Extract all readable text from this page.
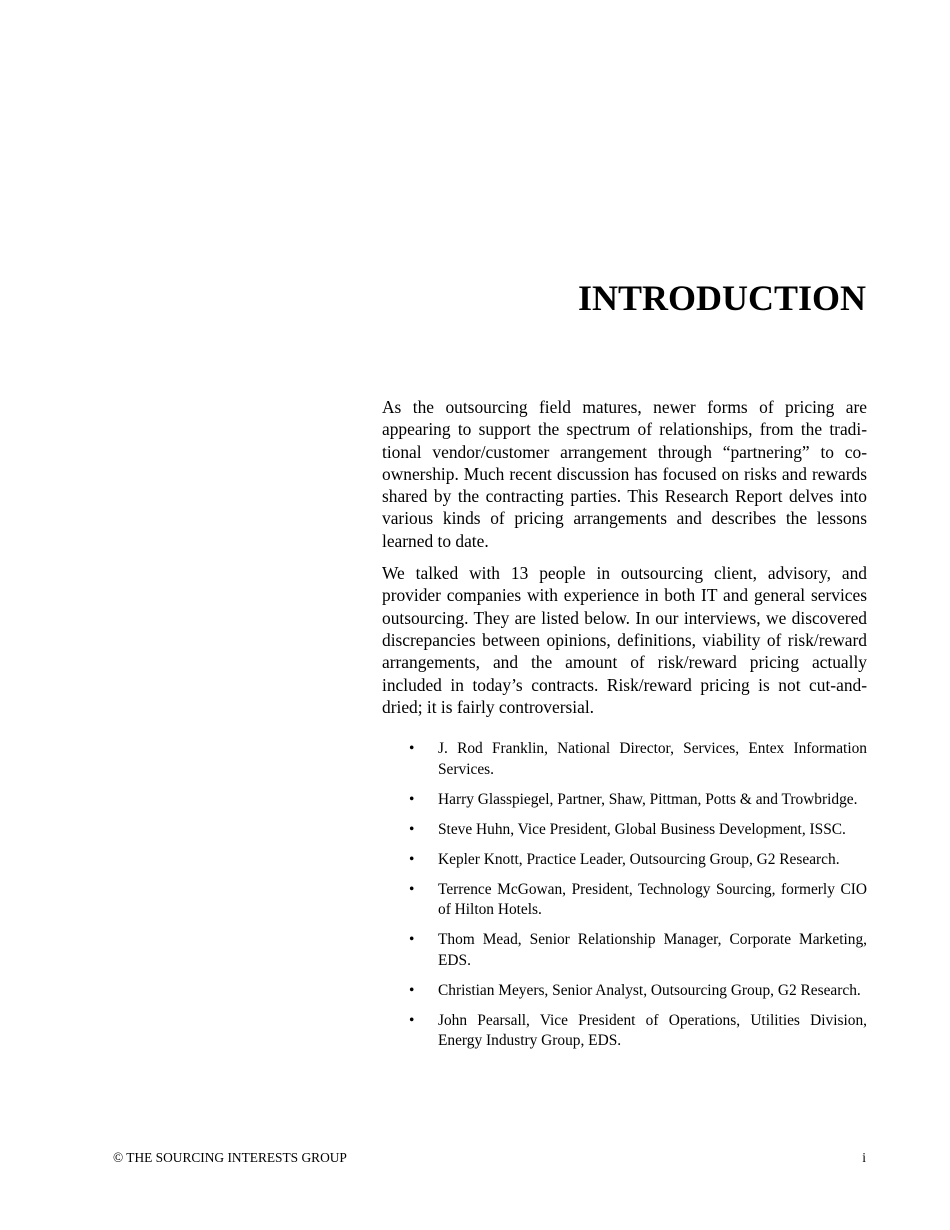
INTRODUCTION

As the outsourcing field matures, newer forms of pricing are appearing to support the spectrum of relationships, from the traditional vendor/customer arrangement through “partnering” to coownership. Much recent discussion has focused on risks and rewards shared by the contracting parties. This Research Report delves into various kinds of pricing arrangements and describes the lessons learned to date.

We talked with 13 people in outsourcing client, advisory, and provider companies with experience in both IT and general services outsourcing. They are listed below. In our interviews, we discovered discrepancies between opinions, definitions, viability of risk/reward arrangements, and the amount of risk/reward pricing actually included in today’s contracts. Risk/reward pricing is not cut-and-dried; it is fairly controversial.

• J. Rod Franklin, National Director, Services, Entex Information Services.
• Harry Glasspiegel, Partner, Shaw, Pittman, Potts & and Trowbridge.
• Steve Huhn, Vice President, Global Business Development, ISSC.
• Kepler Knott, Practice Leader, Outsourcing Group, G2 Research.
• Terrence McGowan, President, Technology Sourcing, formerly CIO of Hilton Hotels.
• Thom Mead, Senior Relationship Manager, Corporate Marketing, EDS.
• Christian Meyers, Senior Analyst, Outsourcing Group, G2 Research.
• John Pearsall, Vice President of Operations, Utilities Division, Energy Industry Group, EDS.

© THE SOURCING INTERESTS GROUP	i
